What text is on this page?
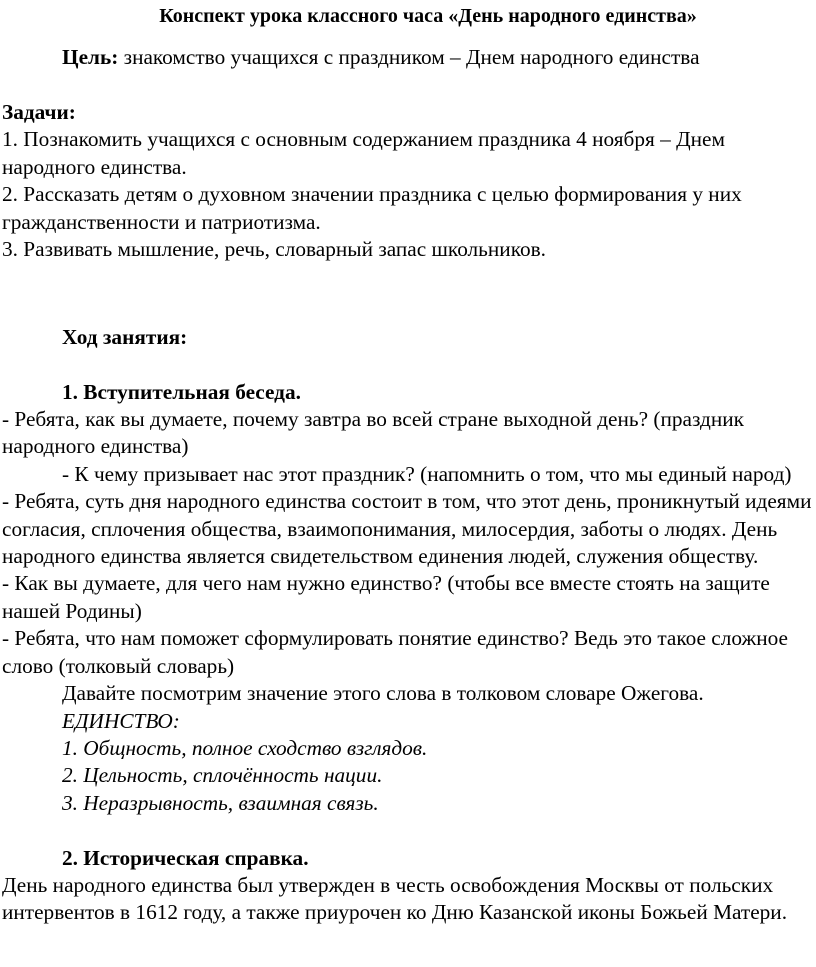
Конспект урока классного часа «День народного единства»

Цель: знакомство учащихся с праздником – Днем народного единства

Задачи:

1. Познакомить учащихся с основным содержанием праздника 4 ноября – Днем народного единства.

2. Рассказать детям о духовном значении праздника с целью формирования у них гражданственности и патриотизма.

3. Развивать мышление, речь, словарный запас школьников.

Ход занятия:

1. Вступительная беседа.

- Ребята, как вы думаете, почему завтра во всей стране выходной день? (праздник народного единства)

- К чему призывает нас этот праздник? (напомнить о том, что мы единый народ)

- Ребята, суть дня народного единства состоит в том, что этот день, проникнутый идеями согласия, сплочения общества, взаимопонимания, милосердия, заботы о людях. День народного единства является свидетельством единения людей, служения обществу.

- Как вы думаете, для чего нам нужно единство? (чтобы все вместе стоять на защите нашей Родины)

- Ребята, что нам поможет сформулировать понятие единство? Ведь это такое сложное слово (толковый словарь)

Давайте посмотрим значение этого слова в толковом словаре Ожегова.

ЕДИНСТВО:

1. Общность, полное сходство взглядов.

2. Цельность, сплочённость нации.

3. Неразрывность, взаимная связь.

2. Историческая справка.

День народного единства был утвержден в честь освобождения Москвы от польских интервентов в 1612 году, а также приурочен ко Дню Казанской иконы Божьей Матери.
